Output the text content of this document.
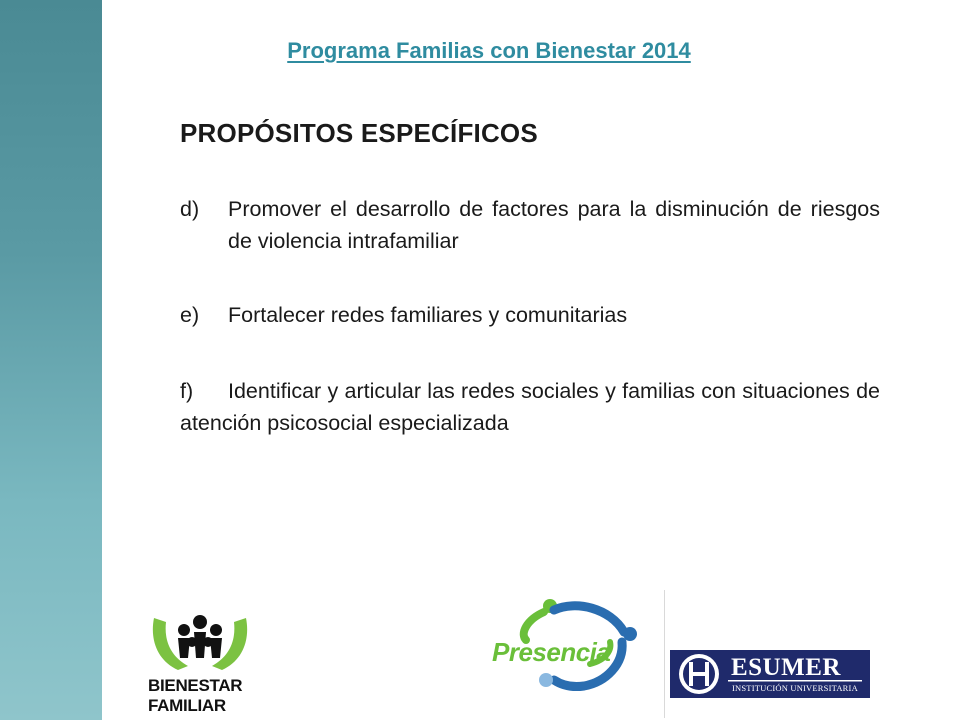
Programa Familias con Bienestar 2014
PROPÓSITOS ESPECÍFICOS
d)	Promover el desarrollo de factores para la disminución de riesgos de violencia intrafamiliar
e) Fortalecer redes familiares y comunitarias
f) Identificar y articular las redes sociales y familias con situaciones de atención psicosocial especializada
BIENESTAR
FAMILIAR
Presencia
ESUMER
INSTITUCIÓN UNIVERSITARIA
